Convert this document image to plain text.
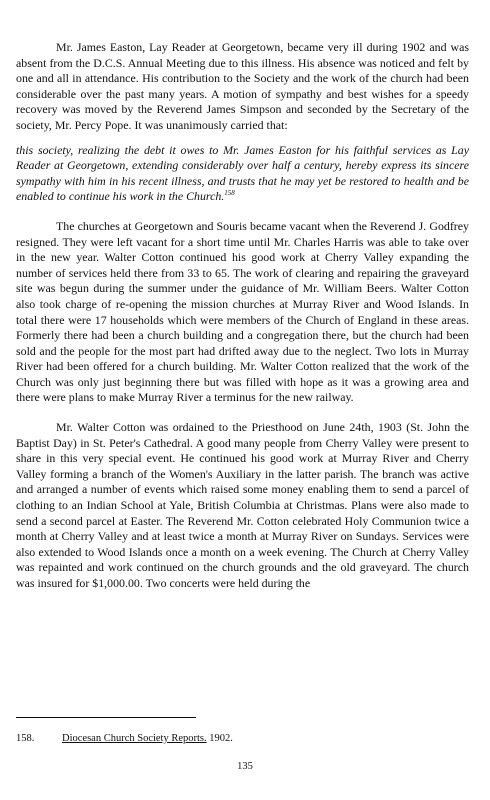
Mr. James Easton, Lay Reader at Georgetown, became very ill during 1902 and was absent from the D.C.S. Annual Meeting due to this illness. His absence was noticed and felt by one and all in attendance. His contribution to the Society and the work of the church had been considerable over the past many years. A motion of sympathy and best wishes for a speedy recovery was moved by the Reverend James Simpson and seconded by the Secretary of the society, Mr. Percy Pope. It was unanimously carried that:

this society, realizing the debt it owes to Mr. James Easton for his faithful services as Lay Reader at Georgetown, extending considerably over half a century, hereby express its sincere sympathy with him in his recent illness, and trusts that he may yet be restored to health and be enabled to continue his work in the Church.$^{158}$

The churches at Georgetown and Souris became vacant when the Reverend J. Godfrey resigned. They were left vacant for a short time until Mr. Charles Harris was able to take over in the new year. Walter Cotton continued his good work at Cherry Valley expanding the number of services held there from 33 to 65. The work of clearing and repairing the graveyard site was begun during the summer under the guidance of Mr. William Beers. Walter Cotton also took charge of re-opening the mission churches at Murray River and Wood Islands. In total there were 17 households which were members of the Church of England in these areas. Formerly there had been a church building and a congregation there, but the church had been sold and the people for the most part had drifted away due to the neglect. Two lots in Murray River had been offered for a church building. Mr. Walter Cotton realized that the work of the Church was only just beginning there but was filled with hope as it was a growing area and there were plans to make Murray River a terminus for the new railway.

Mr. Walter Cotton was ordained to the Priesthood on June 24th, 1903 (St. John the Baptist Day) in St. Peter's Cathedral. A good many people from Cherry Valley were present to share in this very special event. He continued his good work at Murray River and Cherry Valley forming a branch of the Women's Auxiliary in the latter parish. The branch was active and arranged a number of events which raised some money enabling them to send a parcel of clothing to an Indian School at Yale, British Columbia at Christmas. Plans were also made to send a second parcel at Easter. The Reverend Mr. Cotton celebrated Holy Communion twice a month at Cherry Valley and at least twice a month at Murray River on Sundays. Services were also extended to Wood Islands once a month on a week evening. The Church at Cherry Valley was repainted and work continued on the church grounds and the old graveyard. The church was insured for $1,000.00. Two concerts were held during the

158.	Diocesan Church Society Reports. 1902.
135
